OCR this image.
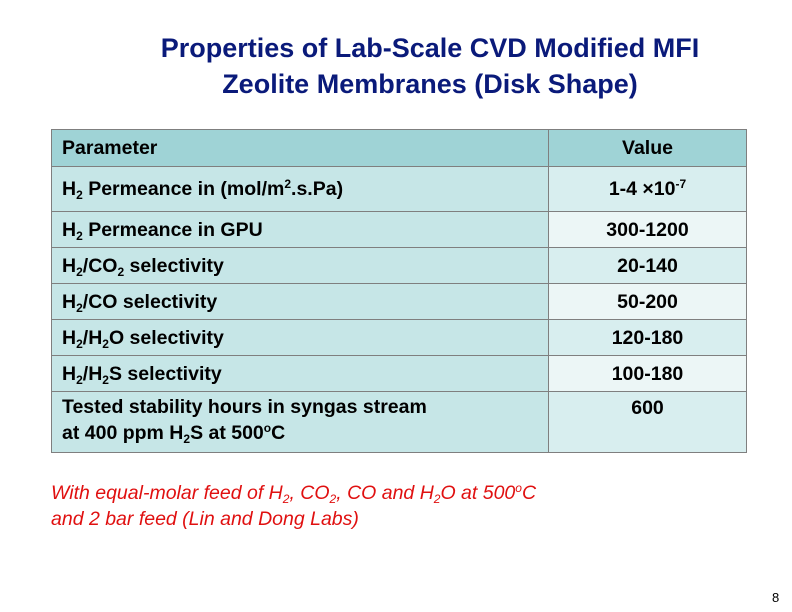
Properties of Lab-Scale CVD Modified MFI
Zeolite Membranes (Disk Shape)
Parameter	Value
$H_2$ Permeance in $(mol/m^2.s.Pa)$	$1-4 \times 10^{-7}$
$H_2$ Permeance in GPU	300-1200
$H_2/CO_2$ selectivity	20-140
$H_2/CO$ selectivity	50-200
$H_2/H_2O$ selectivity	120-180
$H_2/H_2S$ selectivity	100-180

Tested stability hours in syngas stream
at 400 ppm $H_2S$ at 500$^o$C	600
With equal-molar feed of $H_2$, $CO_2$, CO and $H_2O$ at 500$^o$C
and 2 bar feed (Lin and Dong Labs)
8
